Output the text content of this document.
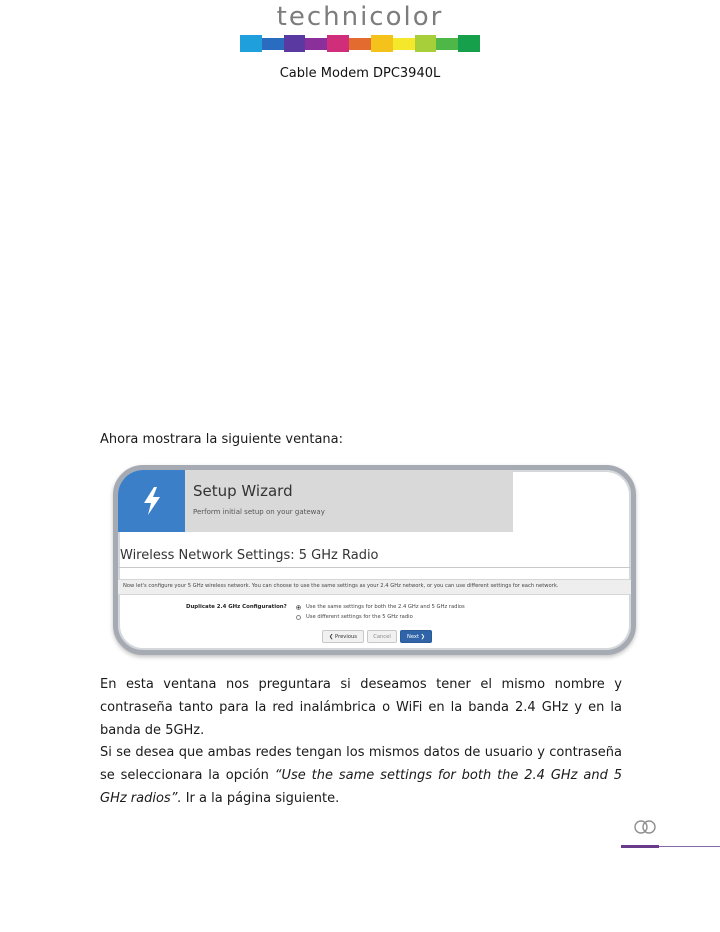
technicolor
Cable Modem DPC3940L
Ahora mostrara la siguiente ventana:
Setup Wizard
Perform initial setup on your gateway
Wireless Network Settings: 5 GHz Radio
Now let's configure your 5 GHz wireless network. You can choose to use the same settings as your 2.4 GHz network, or you can use different settings for each network.
Duplicate 2.4 GHz Configuration?	Use the same settings for both the 2.4 GHz and 5 GHz radios
Use different settings for the 5 GHz radio
❮ Previous	Cancel	Next ❯
En esta ventana nos preguntara si deseamos tener el mismo nombre y contraseña tanto para la red inalámbrica o WiFi en la banda 2.4 GHz y en la banda de 5GHz.
Si se desea que ambas redes tengan los mismos datos de usuario y contraseña se seleccionara la opción “Use the same settings for both the 2.4 GHz and 5 GHz radios”. Ir a la página siguiente.
